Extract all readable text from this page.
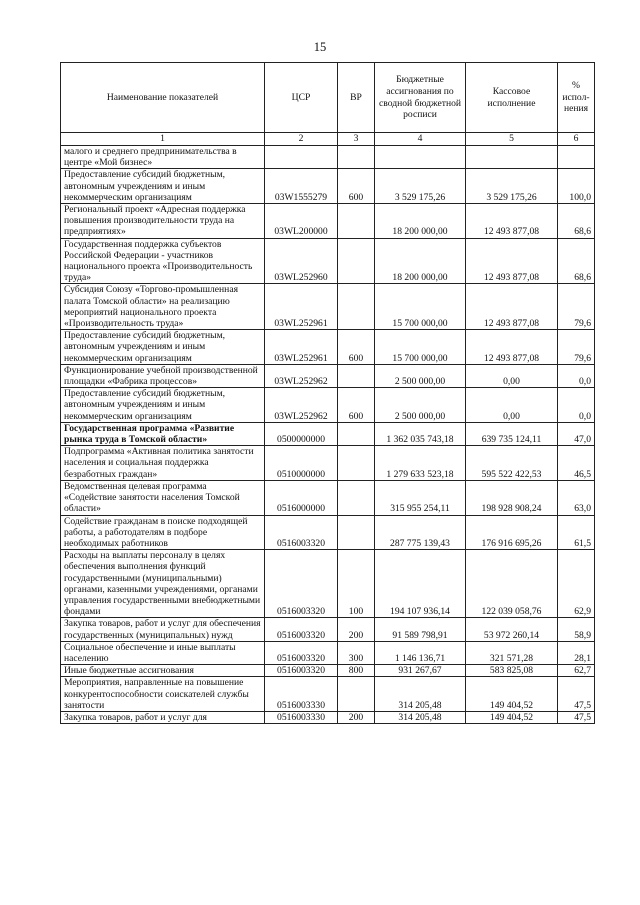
15
Наименование показателей	ЦСР	ВР	Бюджетные ассигнования по сводной бюджетной росписи	Кассовое исполнение	% испол-нения
1	2	3	4	5	6
малого и среднего предпринимательства в центре «Мой бизнес»					
Предоставление субсидий бюджетным, автономным учреждениям и иным некоммерческим организациям	03W1555279	600	3 529 175,26	3 529 175,26	100,0
Региональный проект «Адресная поддержка повышения производительности труда на предприятиях»	03WL200000		18 200 000,00	12 493 877,08	68,6
Государственная поддержка субъектов Российской Федерации - участников национального проекта «Производительность труда»	03WL252960		18 200 000,00	12 493 877,08	68,6
Субсидия Союзу «Торгово-промышленная палата Томской области» на реализацию мероприятий национального проекта «Производительность труда»	03WL252961		15 700 000,00	12 493 877,08	79,6
Предоставление субсидий бюджетным, автономным учреждениям и иным некоммерческим организациям	03WL252961	600	15 700 000,00	12 493 877,08	79,6
Функционирование учебной производственной площадки «Фабрика процессов»	03WL252962		2 500 000,00	0,00	0,0
Предоставление субсидий бюджетным, автономным учреждениям и иным некоммерческим организациям	03WL252962	600	2 500 000,00	0,00	0,0
Государственная программа «Развитие рынка труда в Томской области»	0500000000		1 362 035 743,18	639 735 124,11	47,0
Подпрограмма «Активная политика занятости населения и социальная поддержка безработных граждан»	0510000000		1 279 633 523,18	595 522 422,53	46,5
Ведомственная целевая программа «Содействие занятости населения Томской области»	0516000000		315 955 254,11	198 928 908,24	63,0
Содействие гражданам в поиске подходящей работы, а работодателям в подборе необходимых работников	0516003320		287 775 139,43	176 916 695,26	61,5
Расходы на выплаты персоналу в целях обеспечения выполнения функций государственными (муниципальными) органами, казенными учреждениями, органами управления государственными внебюджетными фондами	0516003320	100	194 107 936,14	122 039 058,76	62,9
Закупка товаров, работ и услуг для обеспечения государственных (муниципальных) нужд	0516003320	200	91 589 798,91	53 972 260,14	58,9
Социальное обеспечение и иные выплаты населению	0516003320	300	1 146 136,71	321 571,28	28,1
Иные бюджетные ассигнования	0516003320	800	931 267,67	583 825,08	62,7
Мероприятия, направленные на повышение конкурентоспособности соискателей службы занятости	0516003330		314 205,48	149 404,52	47,5
Закупка товаров, работ и услуг для	0516003330	200	314 205,48	149 404,52	47,5
